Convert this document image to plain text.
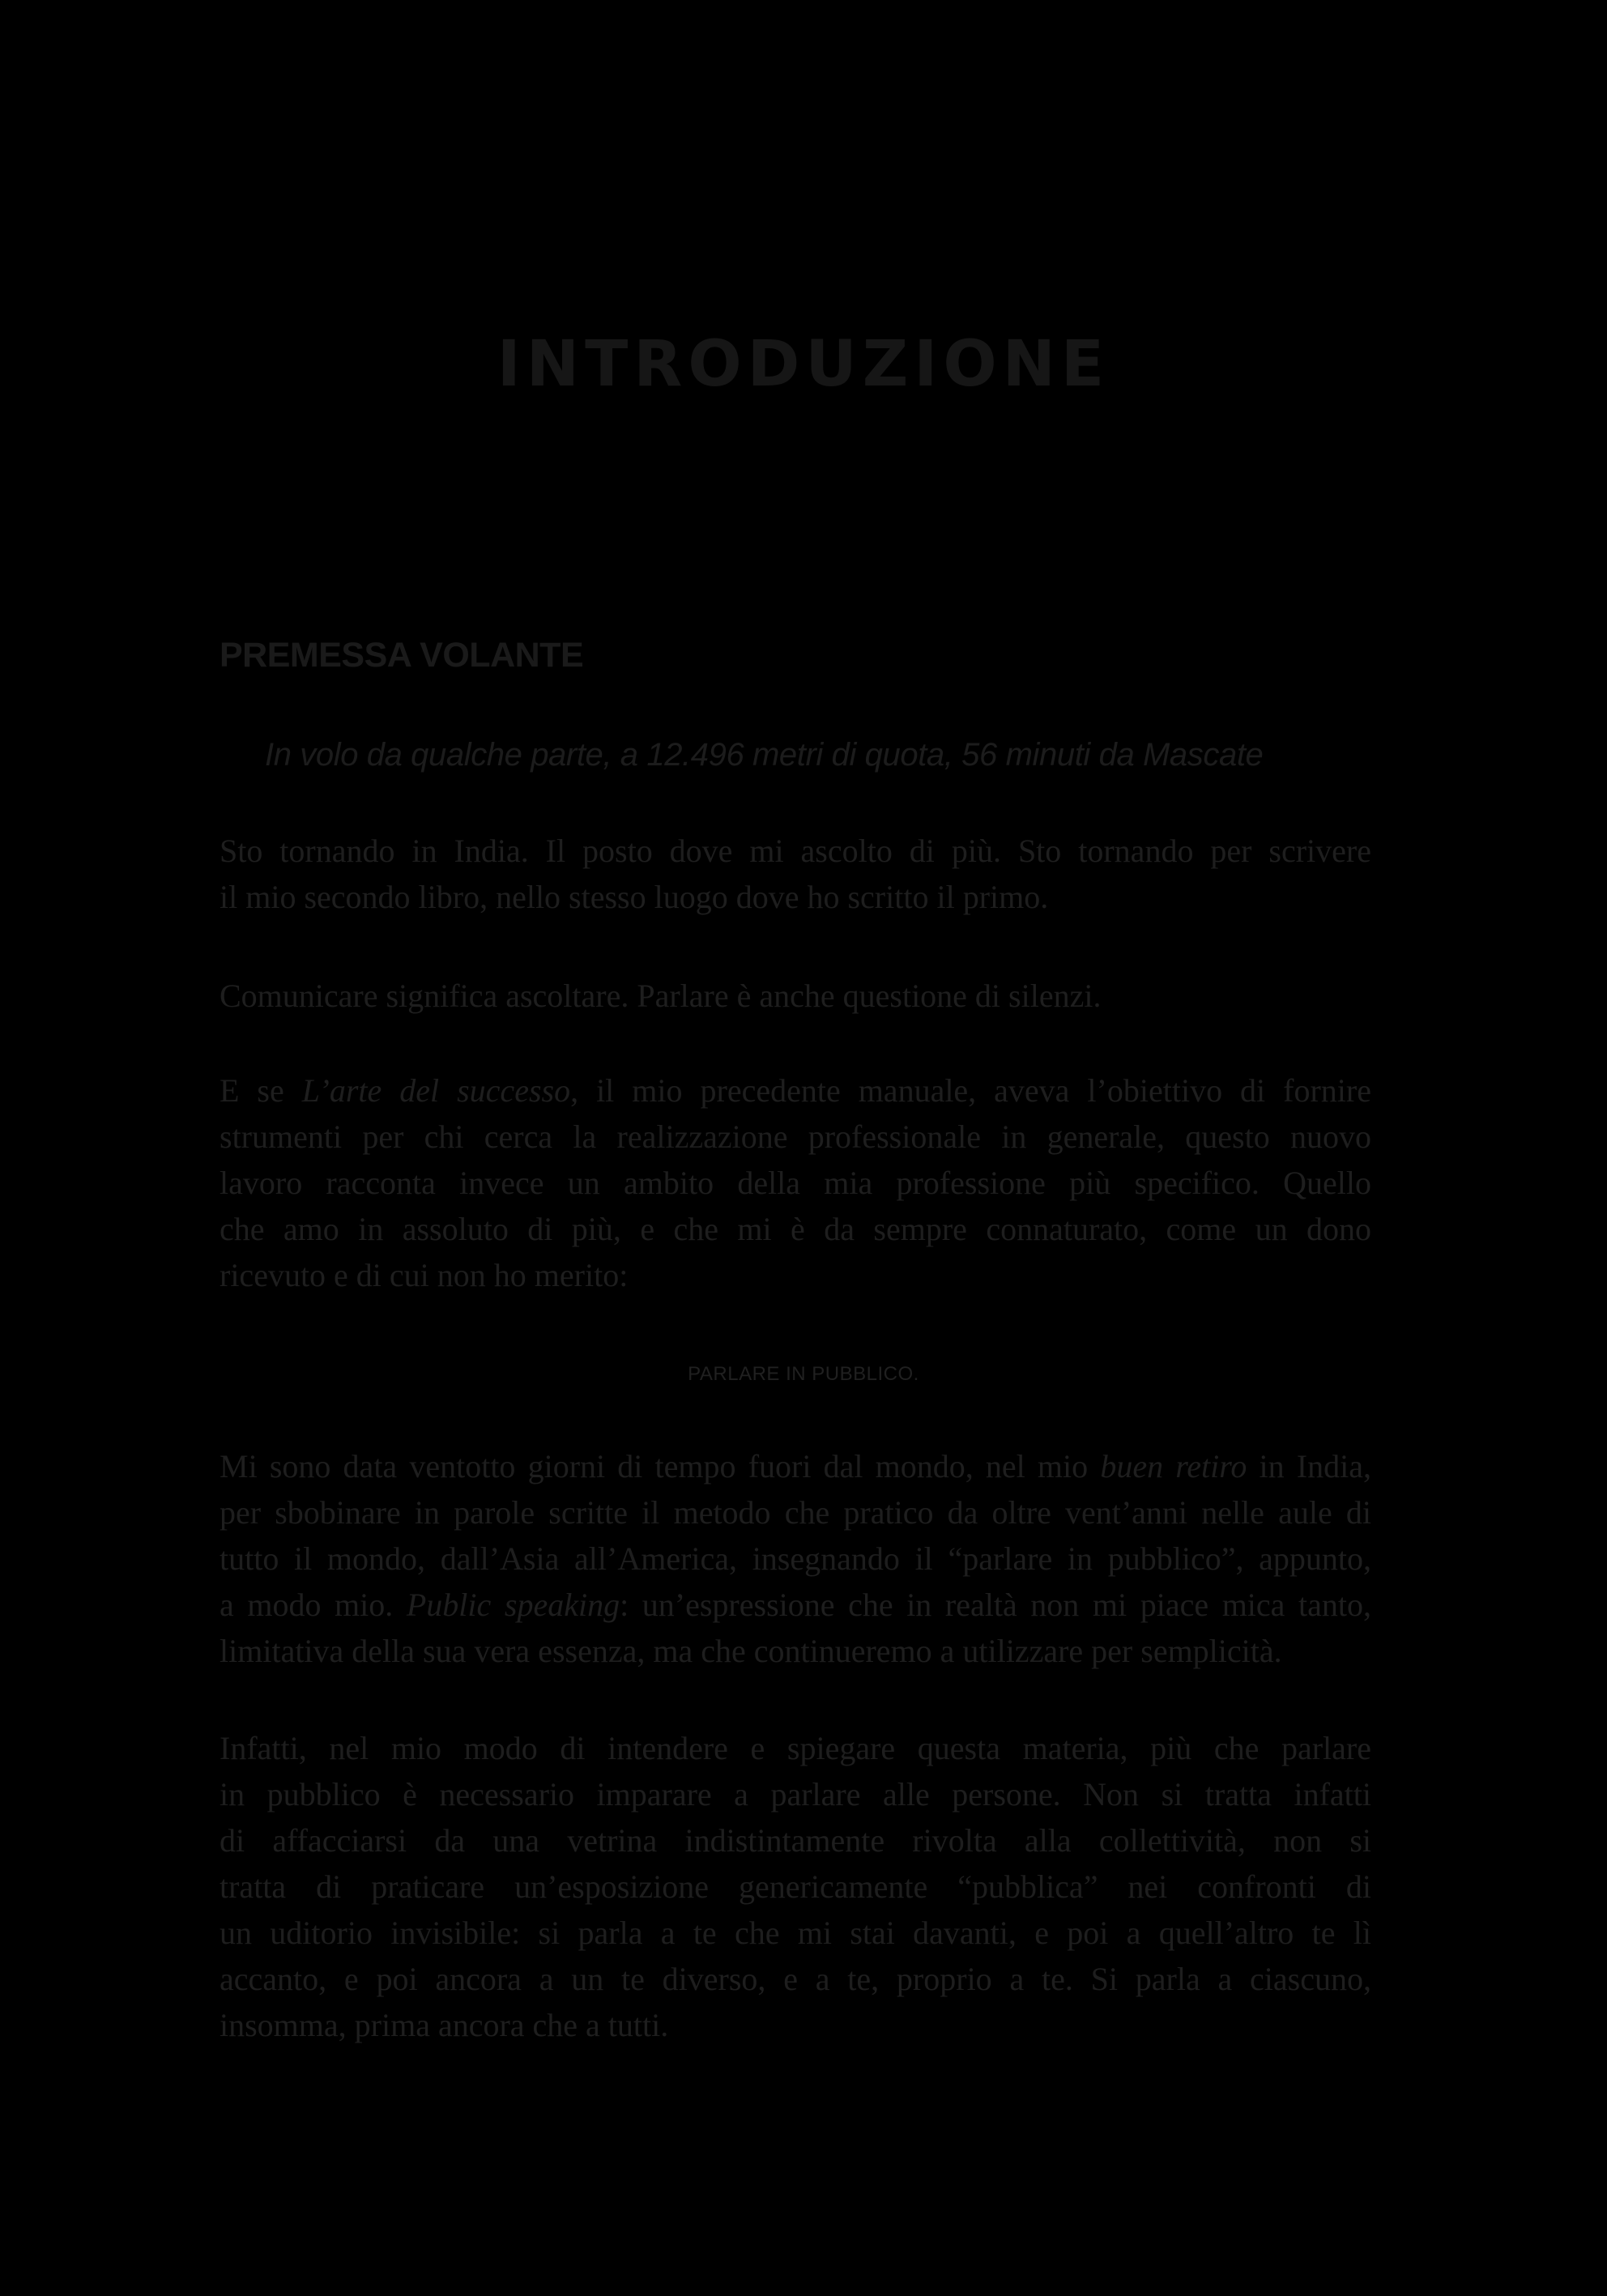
INTRODUZIONE
PREMESSA VOLANTE

In volo da qualche parte, a 12.496 metri di quota, 56 minuti da Mascate

Sto tornando in India. Il posto dove mi ascolto di più. Sto tornando per scrivere
il mio secondo libro, nello stesso luogo dove ho scritto il primo.

Comunicare significa ascoltare. Parlare è anche questione di silenzi.

E se L’arte del successo, il mio precedente manuale, aveva l’obiettivo di fornire
strumenti per chi cerca la realizzazione professionale in generale, questo nuovo
lavoro racconta invece un ambito della mia professione più specifico. Quello
che amo in assoluto di più, e che mi è da sempre connaturato, come un dono
ricevuto e di cui non ho merito:

PARLARE IN PUBBLICO.

Mi sono data ventotto giorni di tempo fuori dal mondo, nel mio buen retiro in India,
per sbobinare in parole scritte il metodo che pratico da oltre vent’anni nelle aule di
tutto il mondo, dall’Asia all’America, insegnando il “parlare in pubblico”, appunto,
a modo mio. Public speaking: un’espressione che in realtà non mi piace mica tanto,
limitativa della sua vera essenza, ma che continueremo a utilizzare per semplicità.

Infatti, nel mio modo di intendere e spiegare questa materia, più che parlare
in pubblico è necessario imparare a parlare alle persone. Non si tratta infatti
di affacciarsi da una vetrina indistintamente rivolta alla collettività, non si
tratta di praticare un’esposizione genericamente “pubblica” nei confronti di
un uditorio invisibile: si parla a te che mi stai davanti, e poi a quell’altro te lì
accanto, e poi ancora a un te diverso, e a te, proprio a te. Si parla a ciascuno,
insomma, prima ancora che a tutti.
